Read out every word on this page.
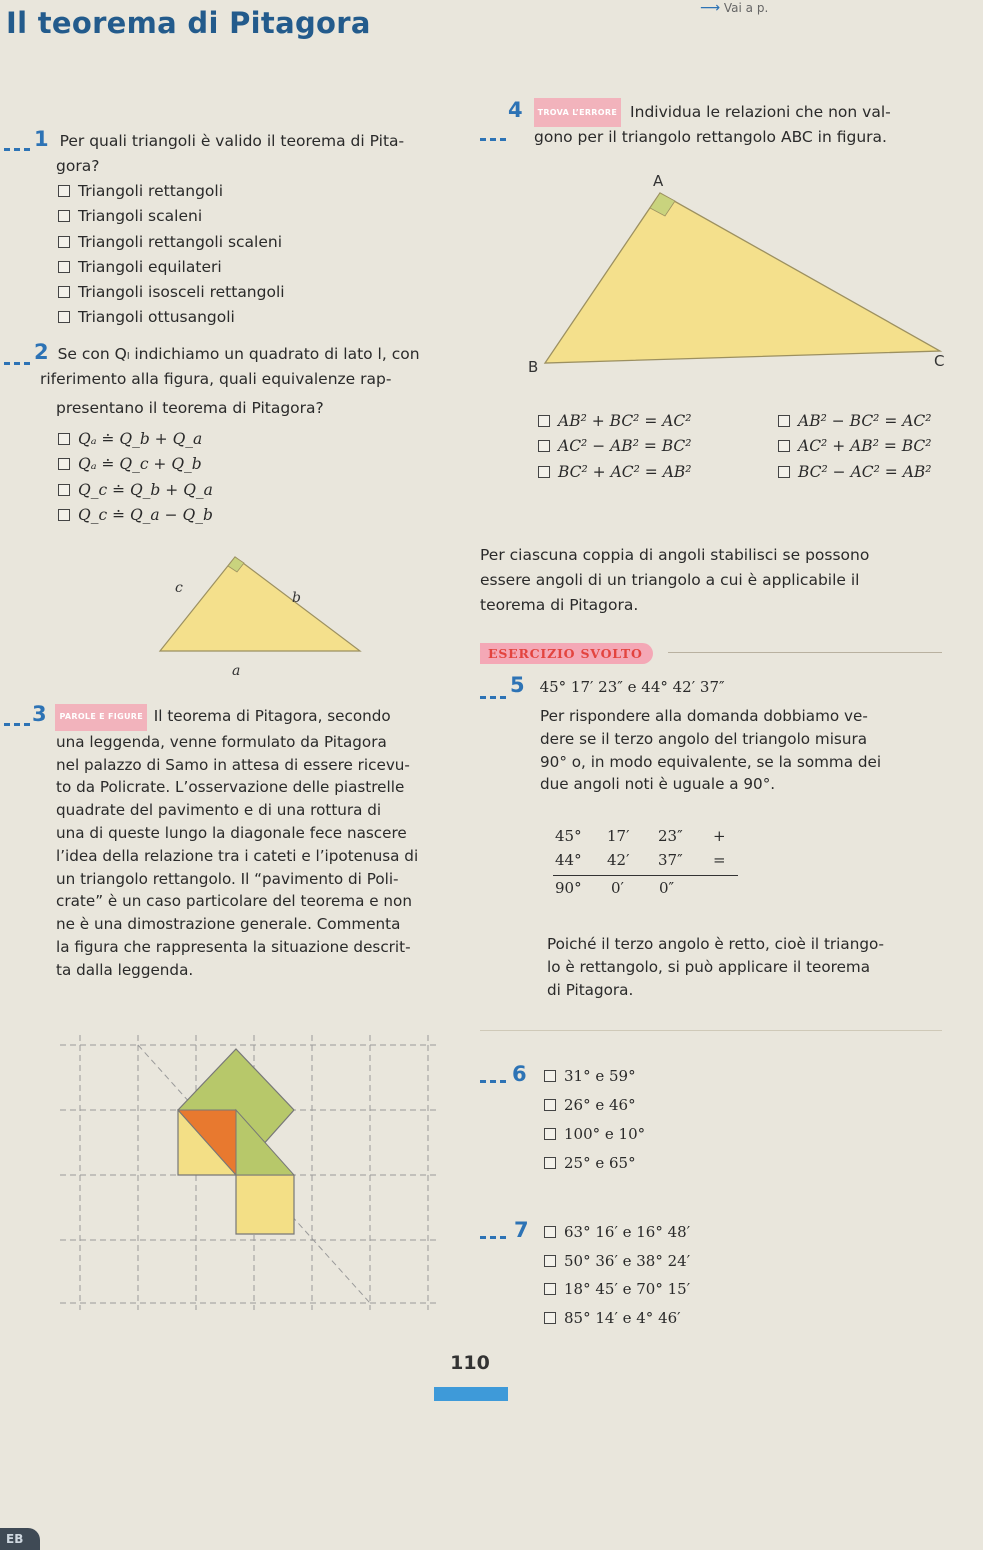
Il teorema di Pitagora	⟶ Vai a p.
1 Per quali triangoli è valido il teorema di Pita-
gora?
Triangoli rettangoli
Triangoli scaleni
Triangoli rettangoli scaleni
Triangoli equilateri
Triangoli isosceli rettangoli
Triangoli ottusangoli
2 Se con Qₗ indichiamo un quadrato di lato l, con
riferimento alla figura, quali equivalenze rap-
presentano il teorema di Pitagora?
Qₐ ≐ Q_b + Q_a
Qₐ ≐ Q_c + Q_b
Q_c ≐ Q_b + Q_a
Q_c ≐ Q_a − Q_b
c
b
a
3 PAROLE E FIGURE Il teorema di Pitagora, secondo
una leggenda, venne formulato da Pitagora
nel palazzo di Samo in attesa di essere ricevu-
to da Policrate. L’osservazione delle piastrelle
quadrate del pavimento e di una rottura di
una di queste lungo la diagonale fece nascere
l’idea della relazione tra i cateti e l’ipotenusa di
un triangolo rettangolo. Il “pavimento di Poli-
crate” è un caso particolare del teorema e non
ne è una dimostrazione generale. Commenta
la figura che rappresenta la situazione descrit-
ta dalla leggenda.
4 TROVA L’ERRORE Individua le relazioni che non val-
gono per il triangolo rettangolo ABC in figura.
A
B	C
AB² + BC² = AC²
AC² − AB² = BC²
BC² + AC² = AB²
AB² − BC² = AC²
AC² + AB² = BC²
BC² − AC² = AB²
Per ciascuna coppia di angoli stabilisci se possono
essere angoli di un triangolo a cui è applicabile il
teorema di Pitagora.
ESERCIZIO SVOLTO
5 45° 17′ 23″ e 44° 42′ 37″
Per rispondere alla domanda dobbiamo ve-
dere se il terzo angolo del triangolo misura
90° o, in modo equivalente, se la somma dei
due angoli noti è uguale a 90°.
45° 17′ 23″ +
44° 42′ 37″ =
90° 0′ 0″
Poiché il terzo angolo è retto, cioè il triango-
lo è rettangolo, si può applicare il teorema
di Pitagora.
6	31° e 59°
26° e 46°
100° e 10°
25° e 65°
7	63° 16′ e 16° 48′
50° 36′ e 38° 24′
18° 45′ e 70° 15′
85° 14′ e 4° 46′
110
EB
